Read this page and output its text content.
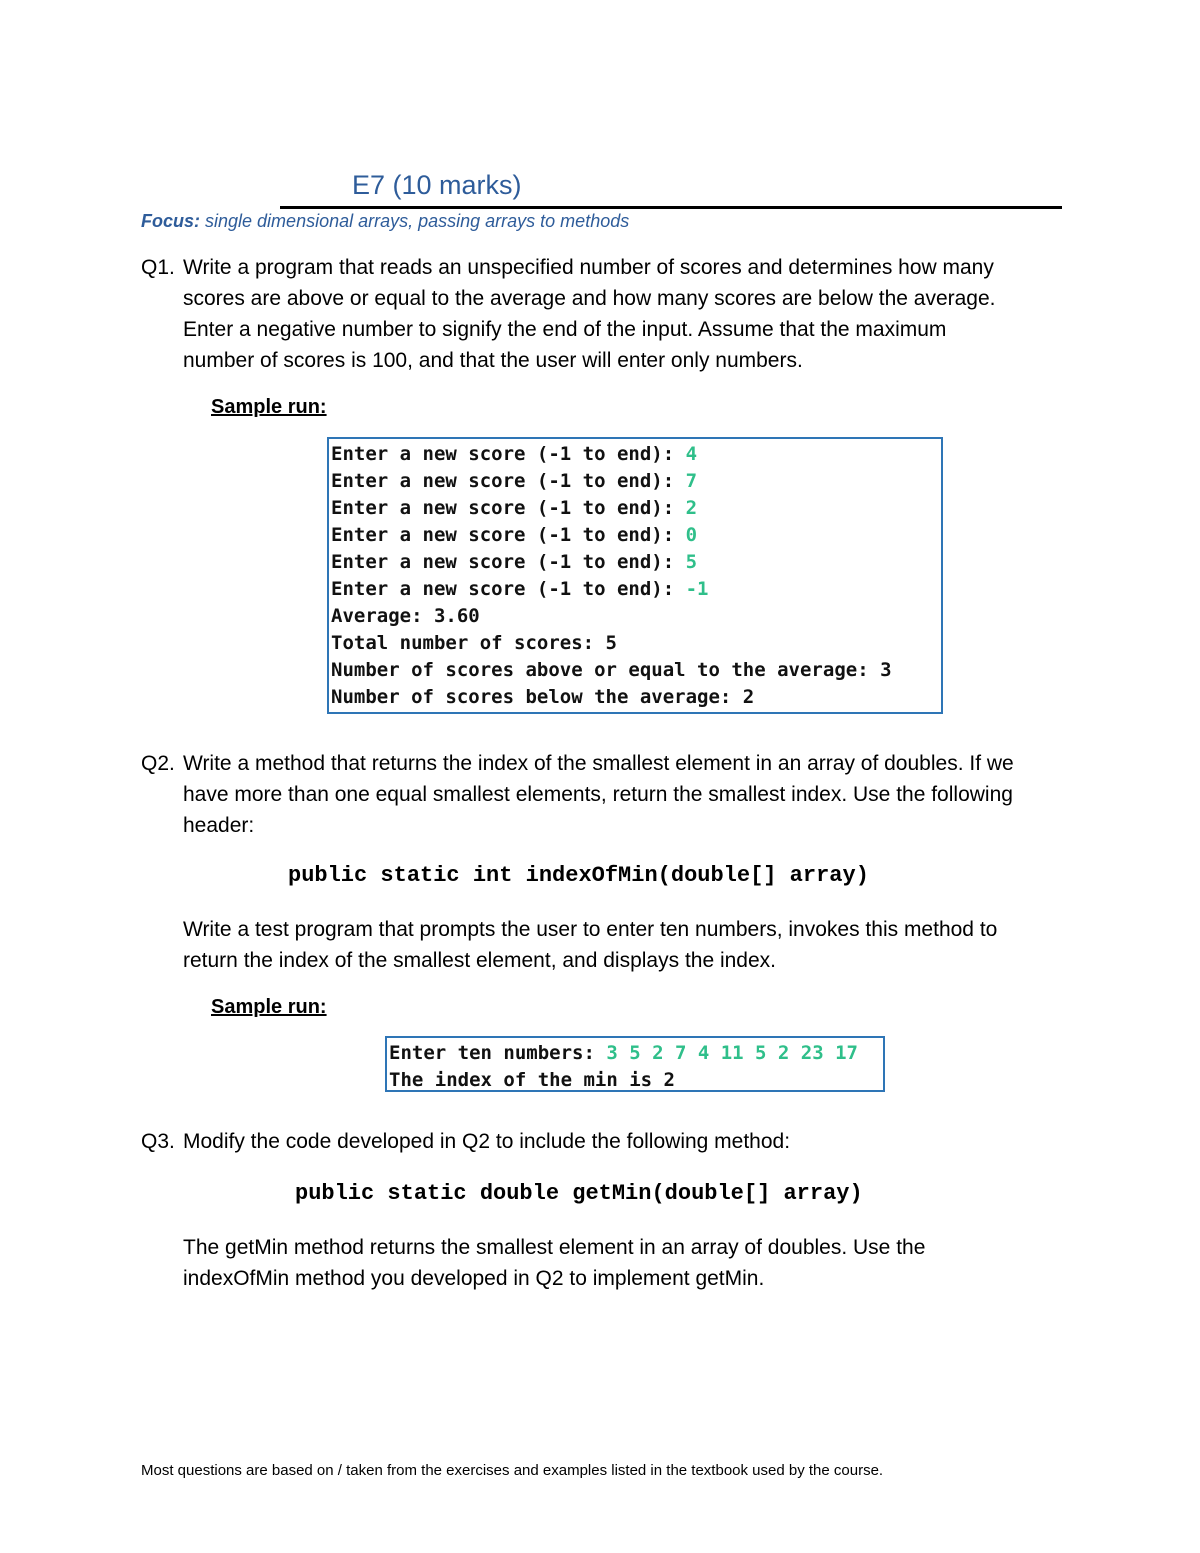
E7 (10 marks)
Focus: single dimensional arrays, passing arrays to methods
Q1. Write a program that reads an unspecified number of scores and determines how many
scores are above or equal to the average and how many scores are below the average.
Enter a negative number to signify the end of the input. Assume that the maximum
number of scores is 100, and that the user will enter only numbers.
Sample run:
Enter a new score (-1 to end): 4
Enter a new score (-1 to end): 7
Enter a new score (-1 to end): 2
Enter a new score (-1 to end): 0
Enter a new score (-1 to end): 5
Enter a new score (-1 to end): -1
Average: 3.60
Total number of scores: 5
Number of scores above or equal to the average: 3
Number of scores below the average: 2
Q2. Write a method that returns the index of the smallest element in an array of doubles. If we
have more than one equal smallest elements, return the smallest index. Use the following
header:
public static int indexOfMin(double[] array)
Write a test program that prompts the user to enter ten numbers, invokes this method to
return the index of the smallest element, and displays the index.
Sample run:
Enter ten numbers: 3 5 2 7 4 11 5 2 23 17
The index of the min is 2
Q3. Modify the code developed in Q2 to include the following method:
public static double getMin(double[] array)
The getMin method returns the smallest element in an array of doubles. Use the
indexOfMin method you developed in Q2 to implement getMin.
Most questions are based on / taken from the exercises and examples listed in the textbook used by the course.
